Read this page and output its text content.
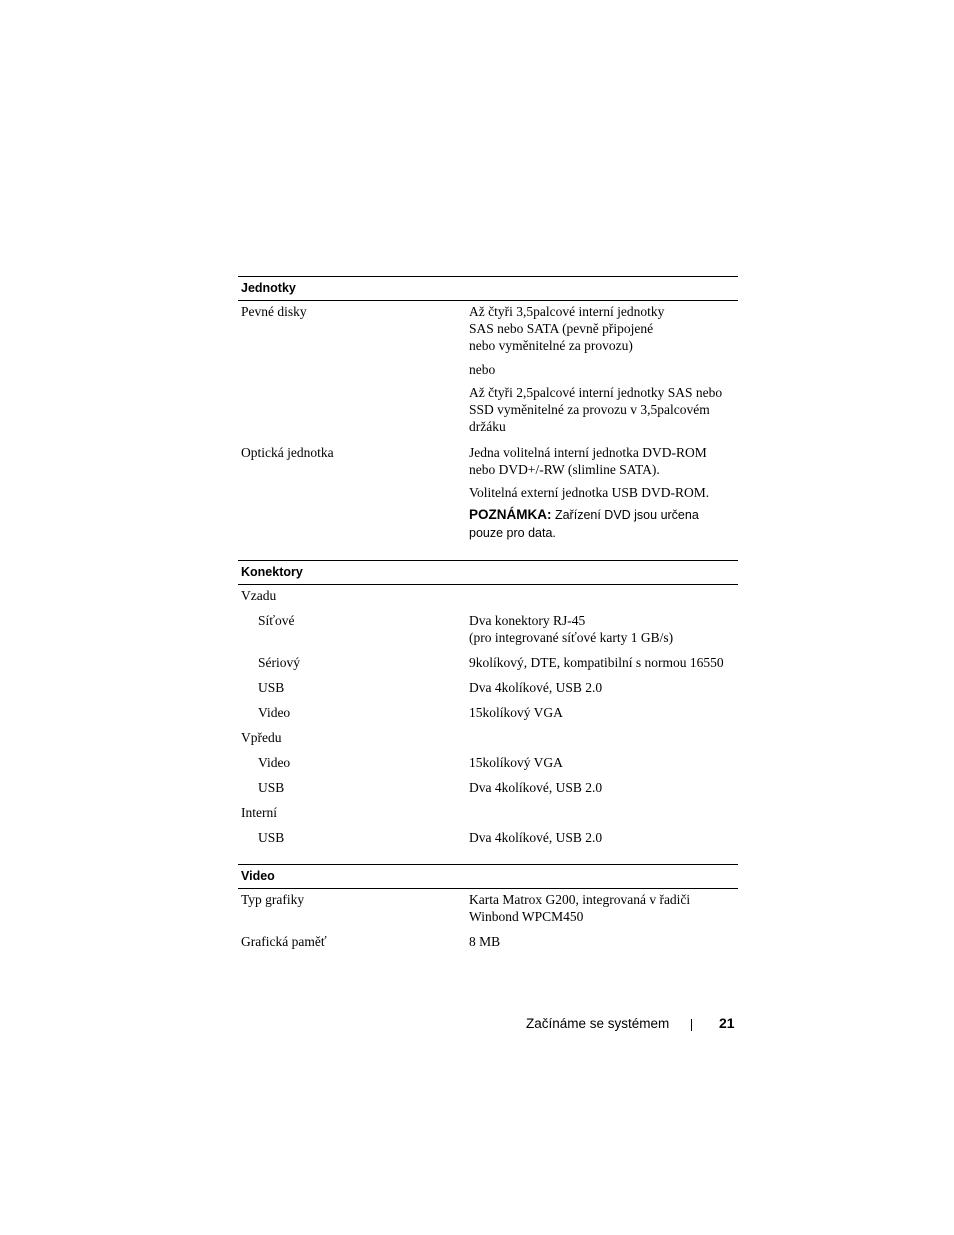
Jednotky
Pevné disky	Až čtyři 3,5palcové interní jednotky
SAS nebo SATA (pevně připojené
nebo vyměnitelné za provozu)
nebo
Až čtyři 2,5palcové interní jednotky SAS nebo
SSD vyměnitelné za provozu v 3,5palcovém
držáku
Optická jednotka	Jedna volitelná interní jednotka DVD-ROM
nebo DVD+/-RW (slimline SATA).
Volitelná externí jednotka USB DVD-ROM.
POZNÁMKA: Zařízení DVD jsou určena
pouze pro data.
Konektory
Vzadu
Síťové	Dva konektory RJ-45
(pro integrované síťové karty 1 GB/s)
Sériový	9kolíkový, DTE, kompatibilní s normou 16550
USB	Dva 4kolíkové, USB 2.0
Video	15kolíkový VGA
Vpředu
Video	15kolíkový VGA
USB	Dva 4kolíkové, USB 2.0
Interní
USB	Dva 4kolíkové, USB 2.0
Video
Typ grafiky	Karta Matrox G200, integrovaná v řadiči
Winbond WPCM450
Grafická paměť	8 MB
Začínáme se systémem	21
